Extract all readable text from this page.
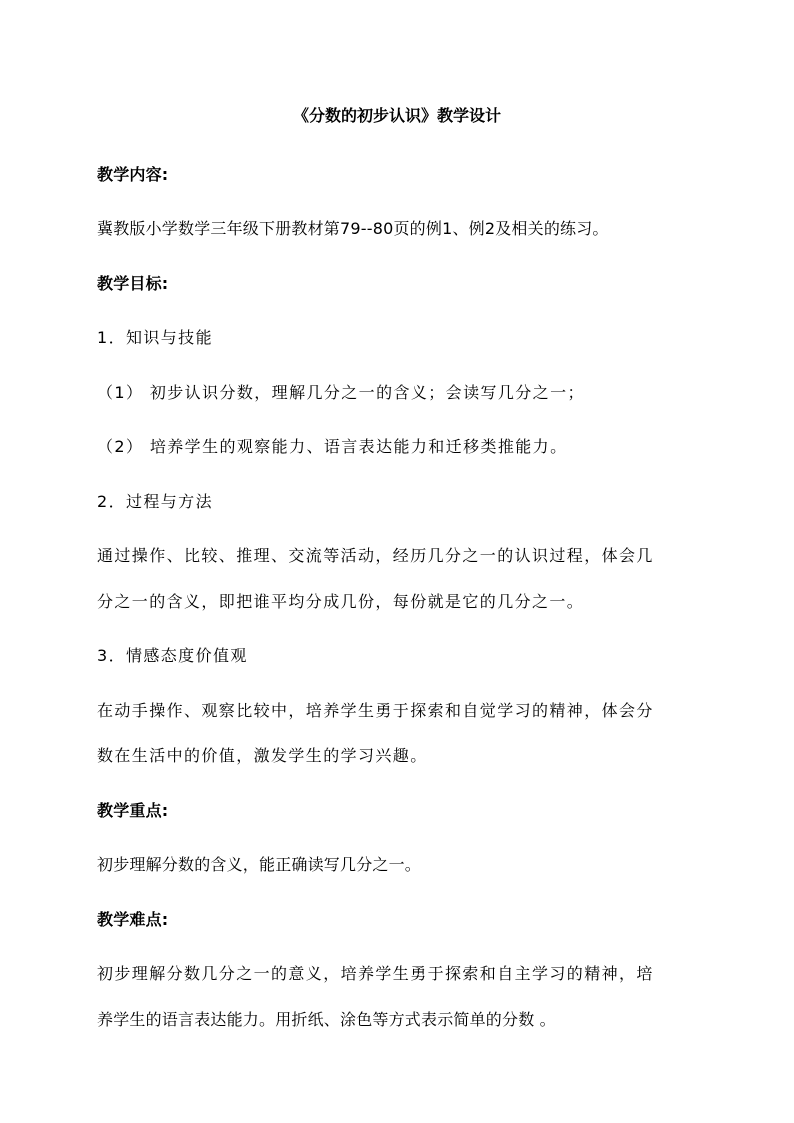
《分数的初步认识》教学设计
教学内容:
冀教版小学数学三年级下册教材第79--80页的例1、例2及相关的练习。
教学目标:
1．知识与技能
（1） 初步认识分数，理解几分之一的含义；会读写几分之一；
（2） 培养学生的观察能力、语言表达能力和迁移类推能力。
2．过程与方法
通过操作、比较、推理、交流等活动，经历几分之一的认识过程，体会几
分之一的含义，即把谁平均分成几份，每份就是它的几分之一。
3．情感态度价值观
在动手操作、观察比较中，培养学生勇于探索和自觉学习的精神，体会分
数在生活中的价值，激发学生的学习兴趣。
教学重点:
初步理解分数的含义，能正确读写几分之一。
教学难点:
初步理解分数几分之一的意义，培养学生勇于探索和自主学习的精神，培
养学生的语言表达能力。用折纸、涂色等方式表示简单的分数 。
